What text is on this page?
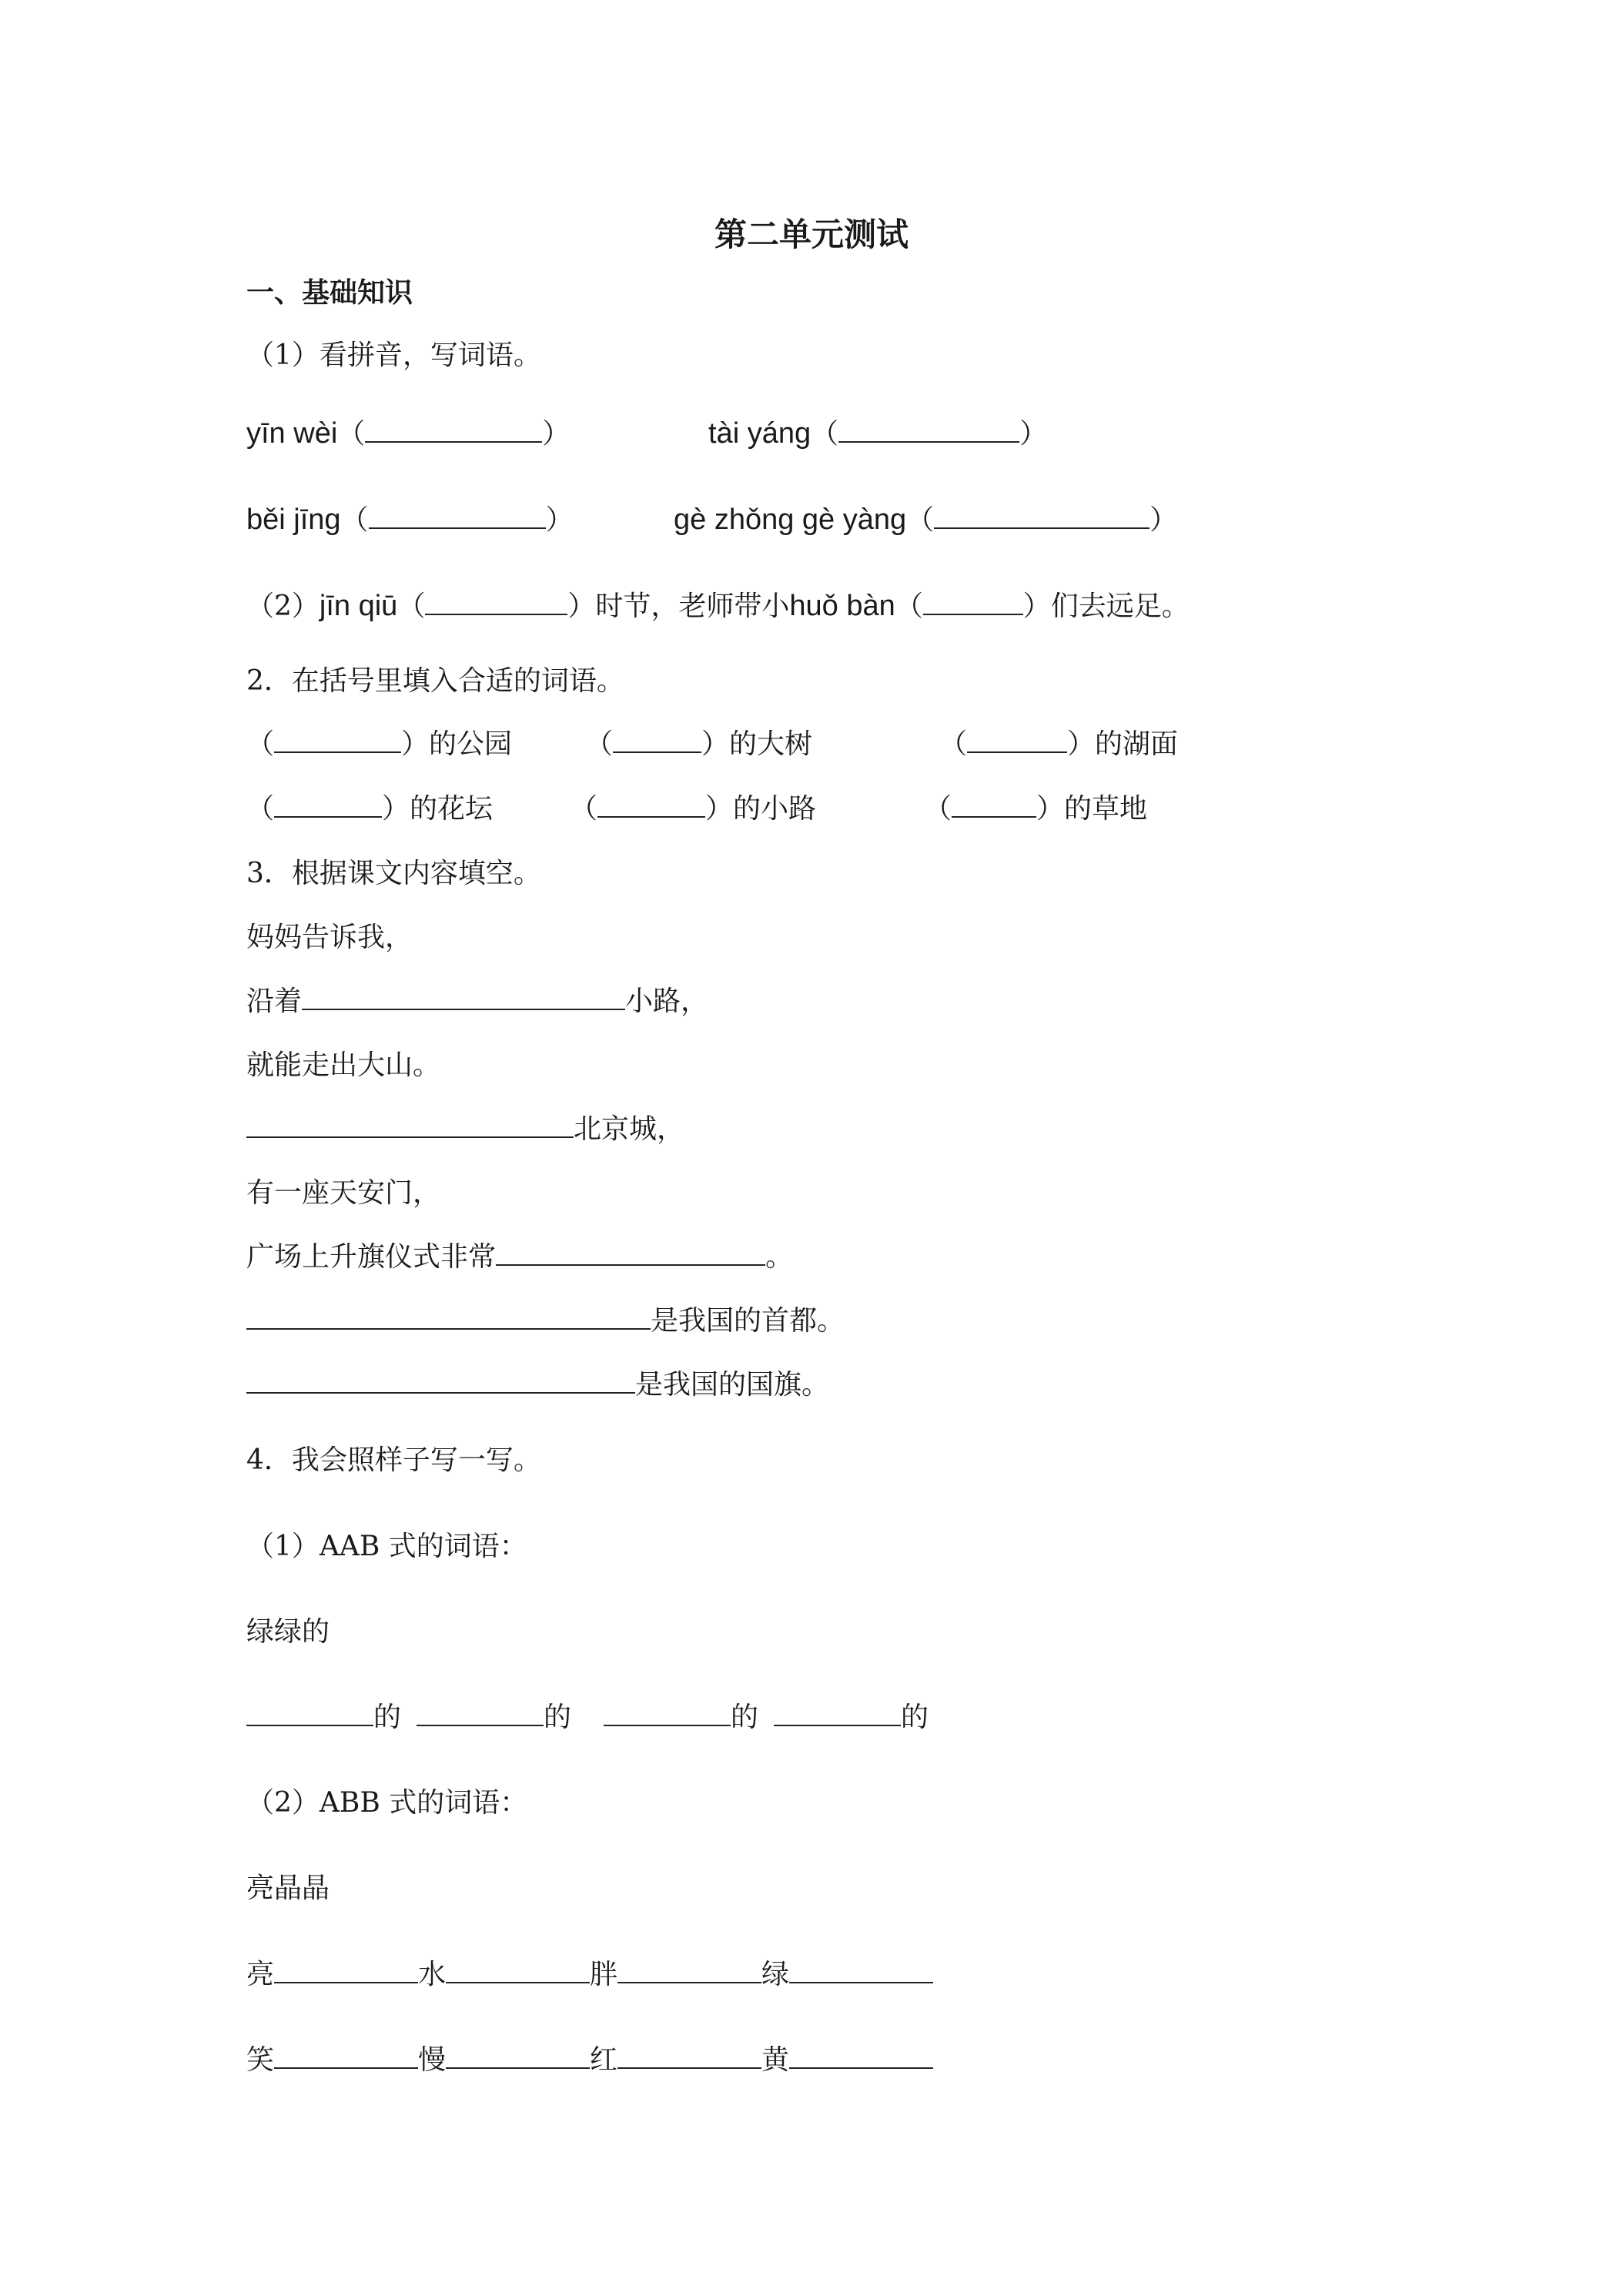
第二单元测试
一、基础知识
（1）看拼音，写词语。
yīn wèi（	）	tài yáng（	）
běi jīng（	）	gè zhǒng gè yàng（	）
（2）jīn qiū（	）时节，老师带小huǒ bàn（	）们去远足。
2．在括号里填入合适的词语。
（	）的公园	（	）的大树	（	）的湖面
（	）的花坛	（	）的小路	（	）的草地
3．根据课文内容填空。
妈妈告诉我，
沿着	小路，
就能走出大山。
北京城，
有一座天安门，
广场上升旗仪式非常	。
是我国的首都。
是我国的国旗。
4．我会照样子写一写。
（1）AAB 式的词语：
绿绿的
的	的	的	的
（2）ABB 式的词语：
亮晶晶
亮	水	胖	绿
笑	慢	红	黄
